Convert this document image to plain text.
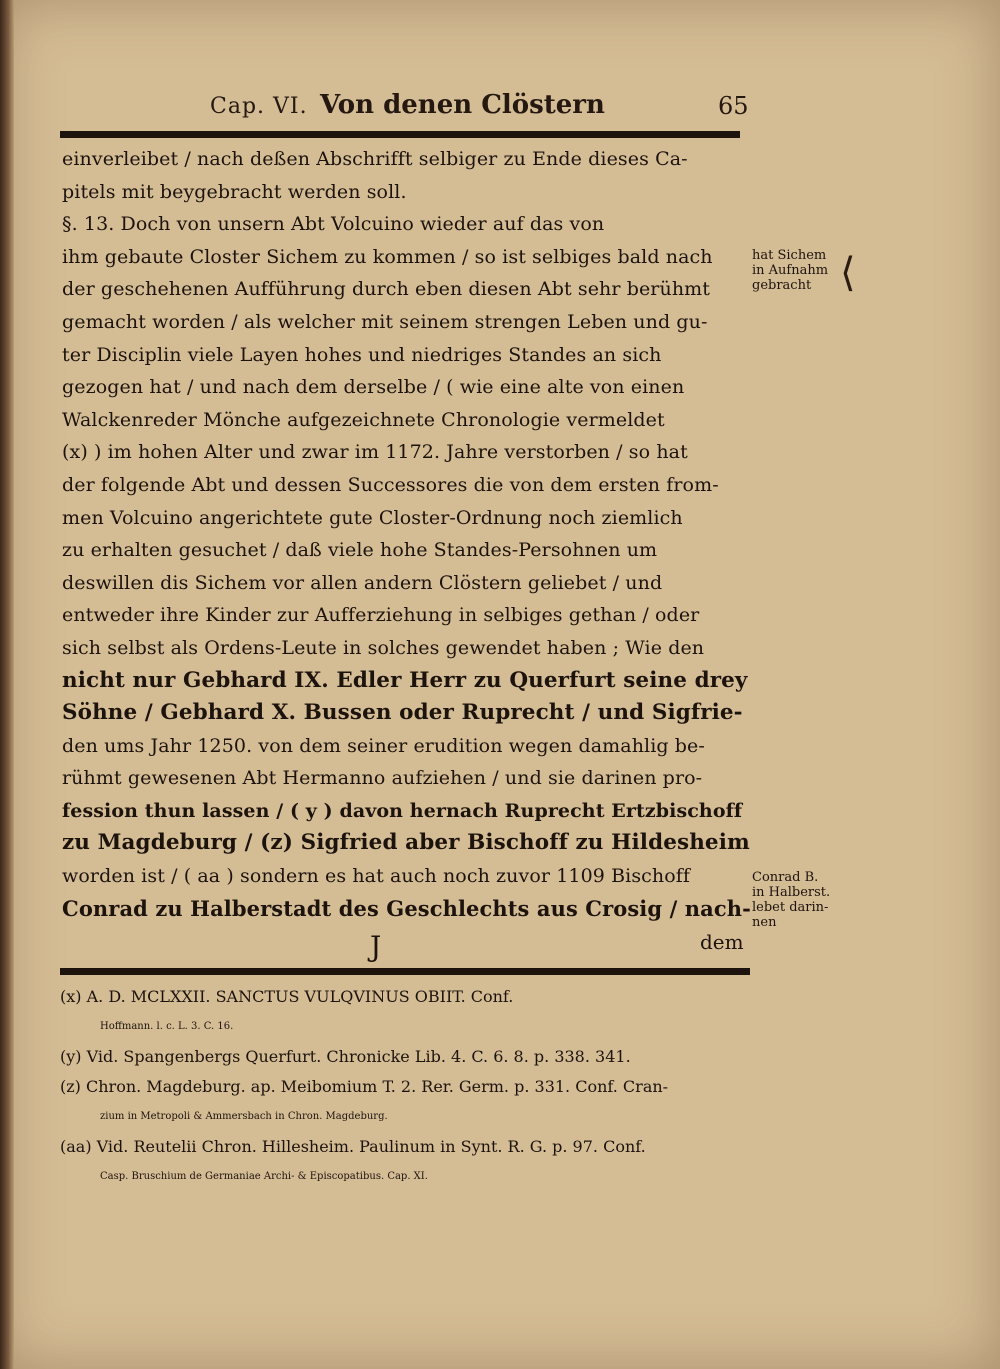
Cap. VI. Von denen Clöstern	65
einverleibet / nach deßen Abschrifft selbiger zu Ende dieses Ca-
pitels mit beygebracht werden soll.
§. 13. Doch von unsern Abt Volcuino wieder auf das von
ihm gebaute Closter Sichem zu kommen / so ist selbiges bald nach
der geschehenen Aufführung durch eben diesen Abt sehr berühmt
gemacht worden / als welcher mit seinem strengen Leben und gu-
ter Disciplin viele Layen hohes und niedriges Standes an sich
gezogen hat / und nach dem derselbe / ( wie eine alte von einen
Walckenreder Mönche aufgezeichnete Chronologie vermeldet
(x) ) im hohen Alter und zwar im 1172. Jahre verstorben / so hat
der folgende Abt und dessen Successores die von dem ersten from-
men Volcuino angerichtete gute Closter-Ordnung noch ziemlich
zu erhalten gesuchet / daß viele hohe Standes-Persohnen um
deswillen dis Sichem vor allen andern Clöstern geliebet / und
entweder ihre Kinder zur Aufferziehung in selbiges gethan / oder
sich selbst als Ordens-Leute in solches gewendet haben ; Wie den
nicht nur Gebhard IX. Edler Herr zu Querfurt seine drey
Söhne / Gebhard X. Bussen oder Ruprecht / und Sigfrie-
den ums Jahr 1250. von dem seiner erudition wegen damahlig be-
rühmt gewesenen Abt Hermanno aufziehen / und sie darinen pro-
fession thun lassen / ( y ) davon hernach Ruprecht Ertzbischoff
zu Magdeburg / (z) Sigfried aber Bischoff zu Hildesheim
worden ist / ( aa ) sondern es hat auch noch zuvor 1109 Bischoff
Conrad zu Halberstadt des Geschlechts aus Crosig / nach-
J	dem
hat Sichem
in Aufnahm
gebracht ⟨
Conrad B.
in Halberst.
lebet darin-
nen
(x) A. D. MCLXXII. SANCTUS VULQVINUS OBIIT. Conf.
Hoffmann. l. c. L. 3. C. 16.
(y) Vid. Spangenbergs Querfurt. Chronicke Lib. 4. C. 6. 8. p. 338. 341.
(z) Chron. Magdeburg. ap. Meibomium T. 2. Rer. Germ. p. 331. Conf. Cran-
zium in Metropoli & Ammersbach in Chron. Magdeburg.
(aa) Vid. Reutelii Chron. Hillesheim. Paulinum in Synt. R. G. p. 97. Conf.
Casp. Bruschium de Germaniae Archi- & Episcopatibus. Cap. XI.
